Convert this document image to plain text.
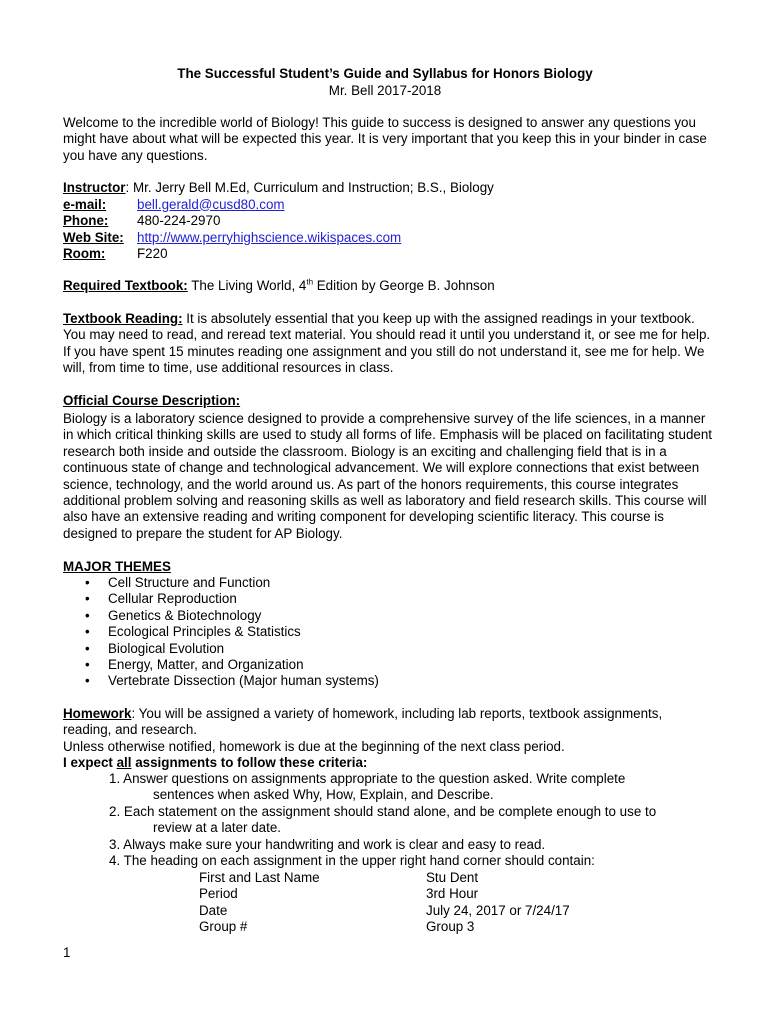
The Successful Student’s Guide and Syllabus for Honors Biology
Mr. Bell 2017-2018
Welcome to the incredible world of Biology! This guide to success is designed to answer any questions you might have about what will be expected this year. It is very important that you keep this in your binder in case you have any questions.
Instructor: Mr. Jerry Bell M.Ed, Curriculum and Instruction; B.S., Biology
e-mail: bell.gerald@cusd80.com
Phone: 480-224-2970
Web Site: http://www.perryhighscience.wikispaces.com
Room: F220
Required Textbook: The Living World, 4th Edition by George B. Johnson
Textbook Reading: It is absolutely essential that you keep up with the assigned readings in your textbook. You may need to read, and reread text material. You should read it until you understand it, or see me for help. If you have spent 15 minutes reading one assignment and you still do not understand it, see me for help. We will, from time to time, use additional resources in class.
Official Course Description:
Biology is a laboratory science designed to provide a comprehensive survey of the life sciences, in a manner in which critical thinking skills are used to study all forms of life. Emphasis will be placed on facilitating student research both inside and outside the classroom. Biology is an exciting and challenging field that is in a continuous state of change and technological advancement. We will explore connections that exist between science, technology, and the world around us. As part of the honors requirements, this course integrates additional problem solving and reasoning skills as well as laboratory and field research skills. This course will also have an extensive reading and writing component for developing scientific literacy. This course is designed to prepare the student for AP Biology.
MAJOR THEMES
• Cell Structure and Function
• Cellular Reproduction
• Genetics & Biotechnology
• Ecological Principles & Statistics
• Biological Evolution
• Energy, Matter, and Organization
• Vertebrate Dissection (Major human systems)
Homework: You will be assigned a variety of homework, including lab reports, textbook assignments, reading, and research.
Unless otherwise notified, homework is due at the beginning of the next class period.
I expect all assignments to follow these criteria:
1. Answer questions on assignments appropriate to the question asked. Write complete
sentences when asked Why, How, Explain, and Describe.
2. Each statement on the assignment should stand alone, and be complete enough to use to
review at a later date.
3. Always make sure your handwriting and work is clear and easy to read.
4. The heading on each assignment in the upper right hand corner should contain:
First and Last Name	Stu Dent
Period	3rd Hour
Date	July 24, 2017 or 7/24/17
Group #	Group 3
1
